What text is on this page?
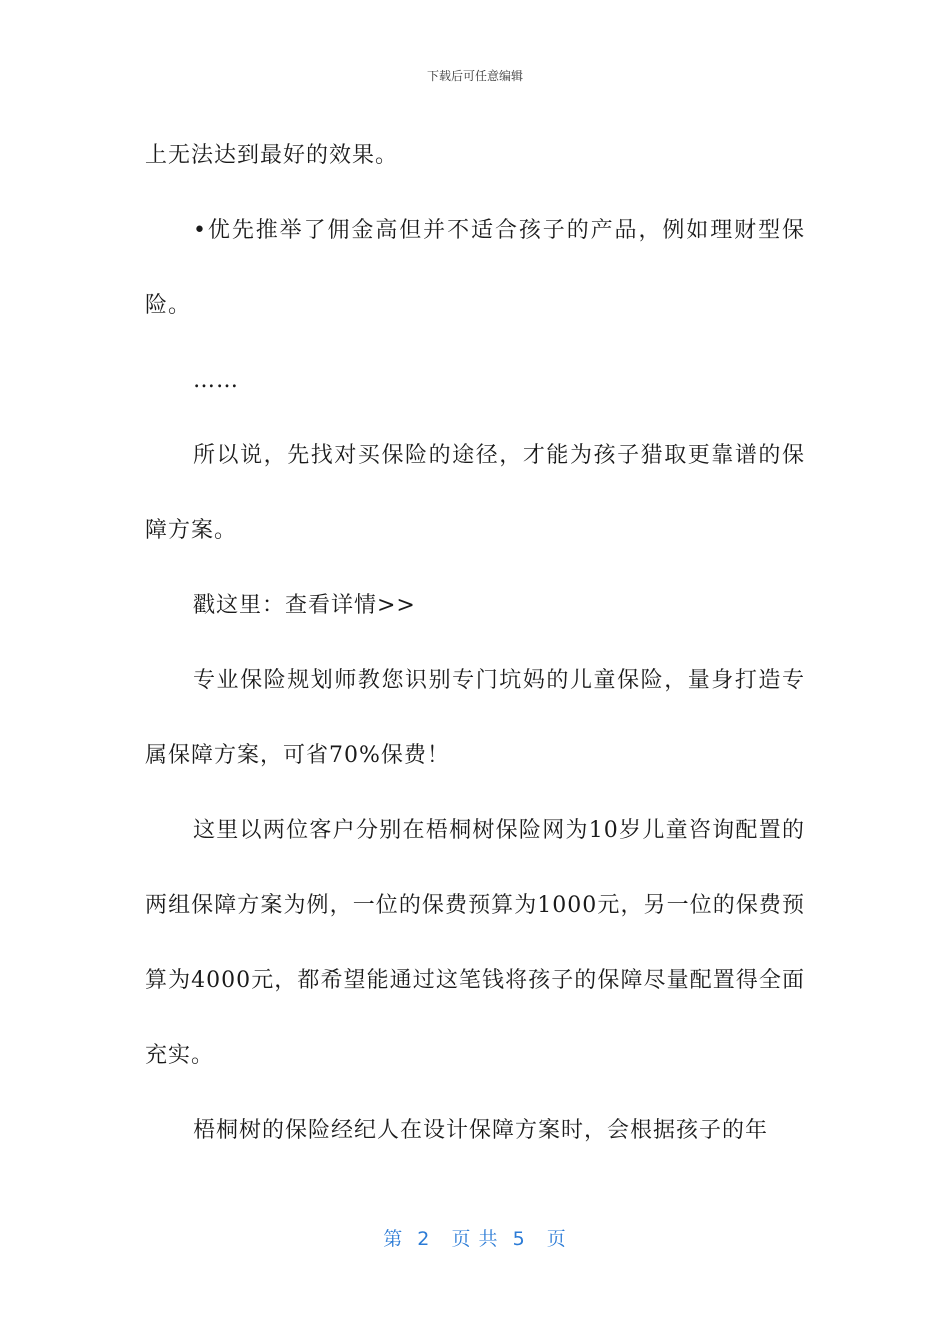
下载后可任意编辑

上无法达到最好的效果。

•优先推举了佣金高但并不适合孩子的产品，例如理财型保险。

……

所以说，先找对买保险的途径，才能为孩子猎取更靠谱的保障方案。

戳这里：查看详情>>

专业保险规划师教您识别专门坑妈的儿童保险，量身打造专属保障方案，可省70%保费！

这里以两位客户分别在梧桐树保险网为10岁儿童咨询配置的两组保障方案为例，一位的保费预算为1000元，另一位的保费预算为4000元，都希望能通过这笔钱将孩子的保障尽量配置得全面充实。

梧桐树的保险经纪人在设计保障方案时，会根据孩子的年

第  2   页 共  5   页
